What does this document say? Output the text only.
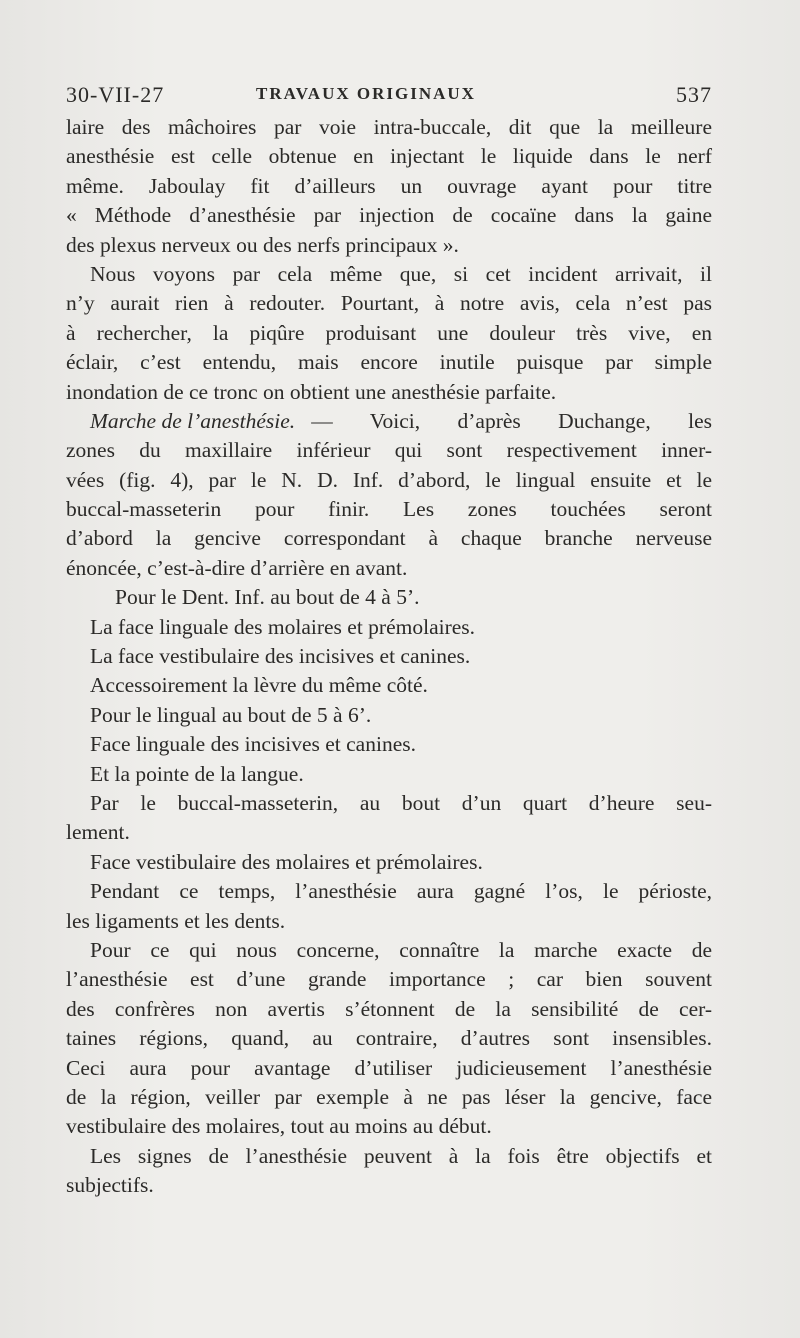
30-VII-27	TRAVAUX ORIGINAUX	537
laire des mâchoires par voie intra-buccale, dit que la meilleure
anesthésie est celle obtenue en injectant le liquide dans le nerf
même. Jaboulay fit d’ailleurs un ouvrage ayant pour titre
« Méthode d’anesthésie par injection de cocaïne dans la gaine
des plexus nerveux ou des nerfs principaux ».
Nous voyons par cela même que, si cet incident arrivait, il
n’y aurait rien à redouter. Pourtant, à notre avis, cela n’est pas
à rechercher, la piqûre produisant une douleur très vive, en
éclair, c’est entendu, mais encore inutile puisque par simple
inondation de ce tronc on obtient une anesthésie parfaite.
Marche de l’anesthésie. — Voici, d’après Duchange, les
zones du maxillaire inférieur qui sont respectivement inner-
vées (fig. 4), par le N. D. Inf. d’abord, le lingual ensuite et le
buccal-masseterin pour finir. Les zones touchées seront
d’abord la gencive correspondant à chaque branche nerveuse
énoncée, c’est-à-dire d’arrière en avant.
Pour le Dent. Inf. au bout de 4 à 5’.
La face linguale des molaires et prémolaires.
La face vestibulaire des incisives et canines.
Accessoirement la lèvre du même côté.
Pour le lingual au bout de 5 à 6’.
Face linguale des incisives et canines.
Et la pointe de la langue.
Par le buccal-masseterin, au bout d’un quart d’heure seu-
lement.
Face vestibulaire des molaires et prémolaires.
Pendant ce temps, l’anesthésie aura gagné l’os, le périoste,
les ligaments et les dents.
Pour ce qui nous concerne, connaître la marche exacte de
l’anesthésie est d’une grande importance ; car bien souvent
des confrères non avertis s’étonnent de la sensibilité de cer-
taines régions, quand, au contraire, d’autres sont insensibles.
Ceci aura pour avantage d’utiliser judicieusement l’anesthésie
de la région, veiller par exemple à ne pas léser la gencive, face
vestibulaire des molaires, tout au moins au début.
Les signes de l’anesthésie peuvent à la fois être objectifs et
subjectifs.
